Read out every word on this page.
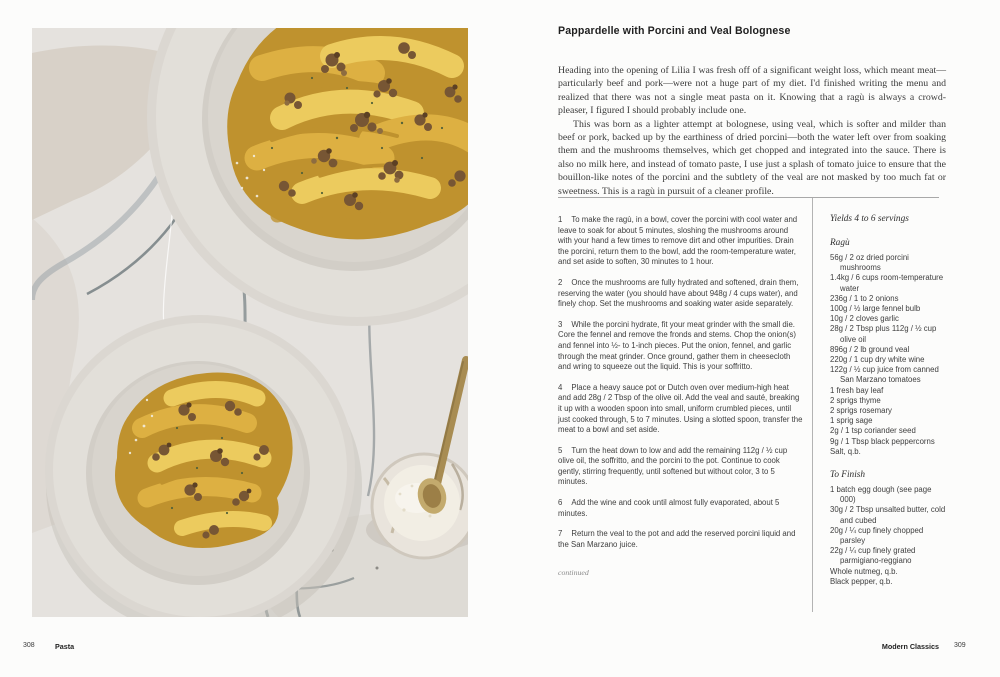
Pappardelle with Porcini and Veal Bolognese

Heading into the opening of Lilia I was fresh off of a significant weight loss, which meant meat—particularly beef and pork—were not a huge part of my diet. I'd finished writing the menu and realized that there was not a single meat pasta on it. Knowing that a ragù is always a crowd-pleaser, I figured I should probably include one.

This was born as a lighter attempt at bolognese, using veal, which is softer and milder than beef or pork, backed up by the earthiness of dried porcini—both the water left over from soaking them and the mushrooms themselves, which get chopped and integrated into the sauce. There is also no milk here, and instead of tomato paste, I use just a splash of tomato juice to ensure that the bouillon-like notes of the porcini and the subtlety of the veal are not masked by too much fat or sweetness. This is a ragù in pursuit of a cleaner profile.

1 To make the ragù, in a bowl, cover the porcini with cool water and leave to soak for about 5 minutes, sloshing the mushrooms around with your hand a few times to remove dirt and other impurities. Drain the porcini, return them to the bowl, add the room-temperature water, and set aside to soften, 30 minutes to 1 hour.

2 Once the mushrooms are fully hydrated and softened, drain them, reserving the water (you should have about 948g / 4 cups water), and finely chop. Set the mushrooms and soaking water aside separately.

3 While the porcini hydrate, fit your meat grinder with the small die. Core the fennel and remove the fronds and stems. Chop the onion(s) and fennel into ½- to 1-inch pieces. Put the onion, fennel, and garlic through the meat grinder. Once ground, gather them in cheesecloth and wring to squeeze out the liquid. This is your soffritto.

4 Place a heavy sauce pot or Dutch oven over medium-high heat and add 28g / 2 Tbsp of the olive oil. Add the veal and sauté, breaking it up with a wooden spoon into small, uniform crumbled pieces, until just cooked through, 5 to 7 minutes. Using a slotted spoon, transfer the meat to a bowl and set aside.

5 Turn the heat down to low and add the remaining 112g / ½ cup olive oil, the soffritto, and the porcini to the pot. Continue to cook gently, stirring frequently, until softened but without color, 3 to 5 minutes.

6 Add the wine and cook until almost fully evaporated, about 5 minutes.

7 Return the veal to the pot and add the reserved porcini liquid and the San Marzano juice.

continued

Yields 4 to 6 servings

Ragù

56g / 2 oz dried porcini mushrooms
1.4kg / 6 cups room-temperature water
236g / 1 to 2 onions
100g / ½ large fennel bulb
10g / 2 cloves garlic
28g / 2 Tbsp plus 112g / ½ cup olive oil
896g / 2 lb ground veal
220g / 1 cup dry white wine
122g / ½ cup juice from canned San Marzano tomatoes
1 fresh bay leaf
2 sprigs thyme
2 sprigs rosemary
1 sprig sage
2g / 1 tsp coriander seed
9g / 1 Tbsp black peppercorns
Salt, q.b.

To Finish

1 batch egg dough (see page 000)
30g / 2 Tbsp unsalted butter, cold and cubed
20g / ¼ cup finely chopped parsley
22g / ¼ cup finely grated parmigiano-reggiano
Whole nutmeg, q.b.
Black pepper, q.b.
308	Pasta	Modern Classics 309
